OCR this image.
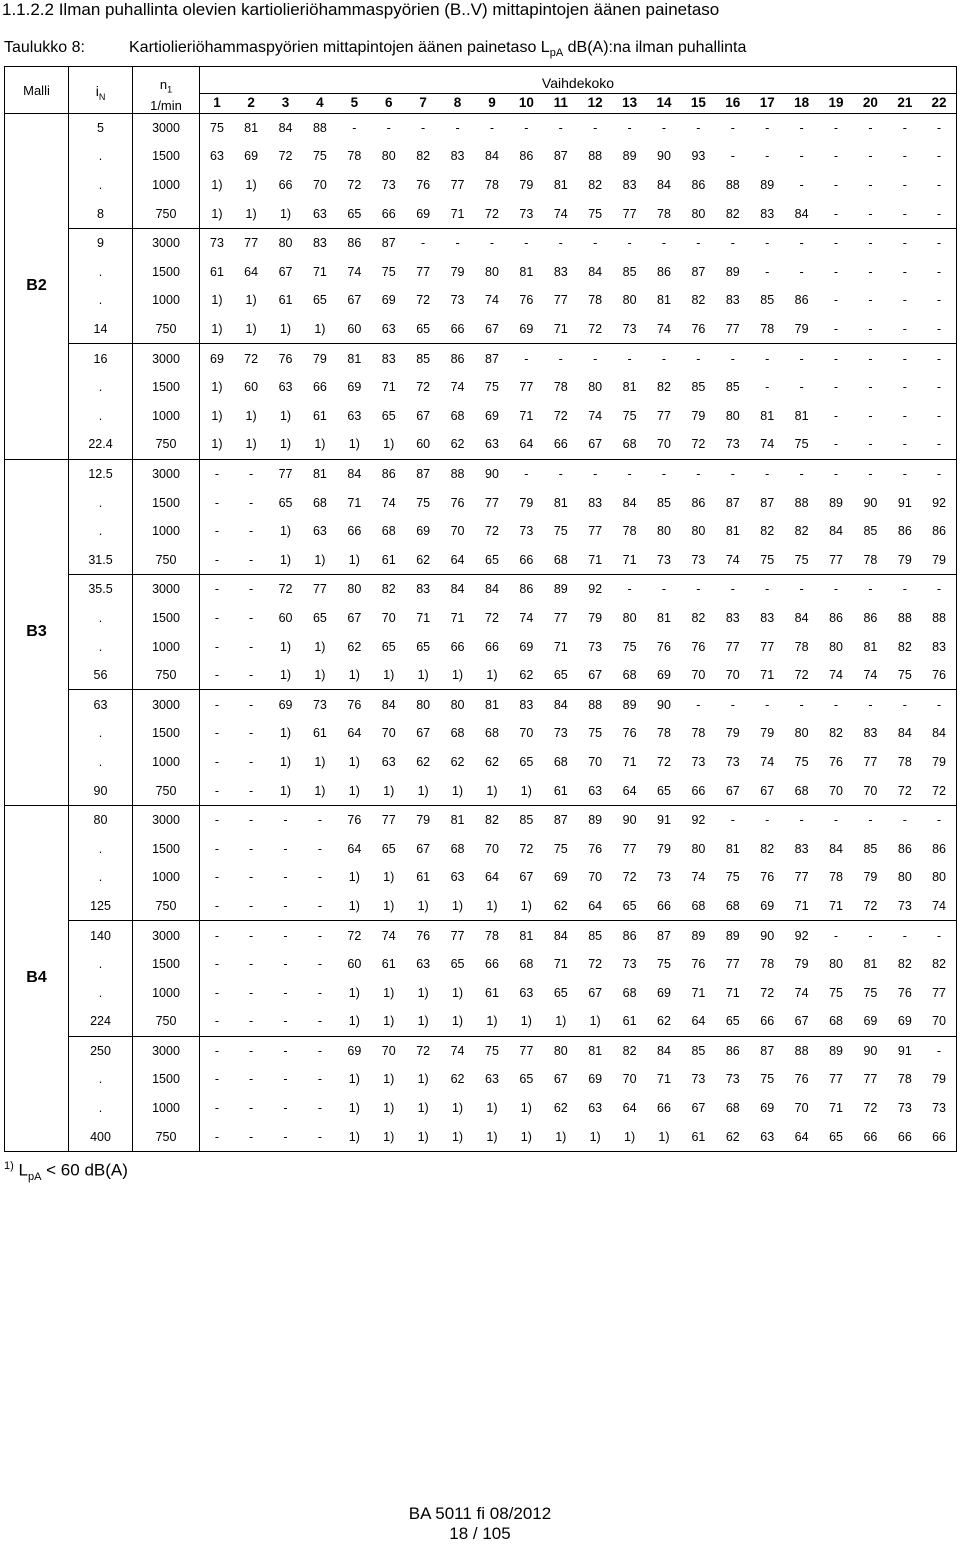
1.1.2.2 Ilman puhallinta olevien kartiolieriöhammaspyörien (B..V) mittapintojen äänen painetaso
Taulukko 8:	Kartiolieriöhammaspyörien mittapintojen äänen painetaso $L_{pA}$ dB(A):na ilman puhallinta
Malli	$i_N$	$n_1$
1/min	Vaihdekoko																					
			1	2	3	4	5	6	7	8	9	10	11	12	13	14	15	16	17	18	19	20	21	22
B2	5	3000	75	81	84	88	-	-	-	-	-	-	-	-	-	-	-	-	-	-	-	-	-	-
	.	1500	63	69	72	75	78	80	82	83	84	86	87	88	89	90	93	-	-	-	-	-	-	-
	.	1000	1)	1)	66	70	72	73	76	77	78	79	81	82	83	84	86	88	89	-	-	-	-	-
	8	750	1)	1)	1)	63	65	66	69	71	72	73	74	75	77	78	80	82	83	84	-	-	-	-
	9	3000	73	77	80	83	86	87	-	-	-	-	-	-	-	-	-	-	-	-	-	-	-	-
	.	1500	61	64	67	71	74	75	77	79	80	81	83	84	85	86	87	89	-	-	-	-	-	-
	.	1000	1)	1)	61	65	67	69	72	73	74	76	77	78	80	81	82	83	85	86	-	-	-	-
	14	750	1)	1)	1)	1)	60	63	65	66	67	69	71	72	73	74	76	77	78	79	-	-	-	-
	16	3000	69	72	76	79	81	83	85	86	87	-	-	-	-	-	-	-	-	-	-	-	-	-
	.	1500	1)	60	63	66	69	71	72	74	75	77	78	80	81	82	85	85	-	-	-	-	-	-
	.	1000	1)	1)	1)	61	63	65	67	68	69	71	72	74	75	77	79	80	81	81	-	-	-	-
	22.4	750	1)	1)	1)	1)	1)	1)	60	62	63	64	66	67	68	70	72	73	74	75	-	-	-	-
B3	12.5	3000	-	-	77	81	84	86	87	88	90	-	-	-	-	-	-	-	-	-	-	-	-	-
	.	1500	-	-	65	68	71	74	75	76	77	79	81	83	84	85	86	87	87	88	89	90	91	92
	.	1000	-	-	1)	63	66	68	69	70	72	73	75	77	78	80	80	81	82	82	84	85	86	86
	31.5	750	-	-	1)	1)	1)	61	62	64	65	66	68	71	71	73	73	74	75	75	77	78	79	79
	35.5	3000	-	-	72	77	80	82	83	84	84	86	89	92	-	-	-	-	-	-	-	-	-	-
	.	1500	-	-	60	65	67	70	71	71	72	74	77	79	80	81	82	83	83	84	86	86	88	88
	.	1000	-	-	1)	1)	62	65	65	66	66	69	71	73	75	76	76	77	77	78	80	81	82	83
	56	750	-	-	1)	1)	1)	1)	1)	1)	1)	62	65	67	68	69	70	70	71	72	74	74	75	76
	63	3000	-	-	69	73	76	84	80	80	81	83	84	88	89	90	-	-	-	-	-	-	-	-
	.	1500	-	-	1)	61	64	70	67	68	68	70	73	75	76	78	78	79	79	80	82	83	84	84
	.	1000	-	-	1)	1)	1)	63	62	62	62	65	68	70	71	72	73	73	74	75	76	77	78	79
	90	750	-	-	1)	1)	1)	1)	1)	1)	1)	1)	61	63	64	65	66	67	67	68	70	70	72	72
B4	80	3000	-	-	-	-	76	77	79	81	82	85	87	89	90	91	92	-	-	-	-	-	-	-
	.	1500	-	-	-	-	64	65	67	68	70	72	75	76	77	79	80	81	82	83	84	85	86	86
	.	1000	-	-	-	-	1)	1)	61	63	64	67	69	70	72	73	74	75	76	77	78	79	80	80
	125	750	-	-	-	-	1)	1)	1)	1)	1)	1)	62	64	65	66	68	68	69	71	71	72	73	74
	140	3000	-	-	-	-	72	74	76	77	78	81	84	85	86	87	89	89	90	92	-	-	-	-
	.	1500	-	-	-	-	60	61	63	65	66	68	71	72	73	75	76	77	78	79	80	81	82	82
	.	1000	-	-	-	-	1)	1)	1)	1)	61	63	65	67	68	69	71	71	72	74	75	75	76	77
	224	750	-	-	-	-	1)	1)	1)	1)	1)	1)	1)	1)	61	62	64	65	66	67	68	69	69	70
	250	3000	-	-	-	-	69	70	72	74	75	77	80	81	82	84	85	86	87	88	89	90	91	-
	.	1500	-	-	-	-	1)	1)	1)	62	63	65	67	69	70	71	73	73	75	76	77	77	78	79
	.	1000	-	-	-	-	1)	1)	1)	1)	1)	1)	62	63	64	66	67	68	69	70	71	72	73	73
	400	750	-	-	-	-	1)	1)	1)	1)	1)	1)	1)	1)	1)	1)	61	62	63	64	65	66	66	66
$^{1)}$ $L_{pA} < 60$ dB(A)
BA 5011 fi 08/2012
18 / 105
